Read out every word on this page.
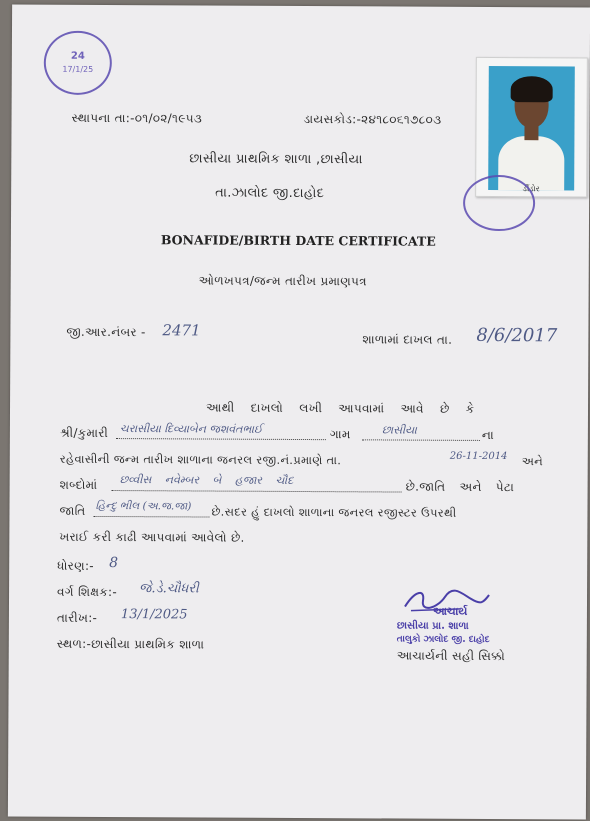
24
17/1/25
સ્થાપના તા:-૦૧/૦૨/૧૯૫૩	ડાયસકોડ:-૨૪૧૮૦૬૧૭૮૦૩
છાસીયા પ્રાથમિક શાળા ,છાસીયા
તા.ઝાલોદ જી.દાહોદ
BONAFIDE/BIRTH DATE CERTIFICATE
ઓળખપત્ર/જન્મ તારીખ પ્રમાણપત્ર
ડીંડોર
જી.આર.નંબર - 2471
શાળામાં દાખલ તા. 8/6/2017
આથી દાખલો લખી આપવામાં આવે છે કે
શ્રી/કુમારી ચરાસીયા દિવ્યાબેન જશવંતભાઈ	ગામ	છાસીયા	ના
રહેવાસીની જન્મ તારીખ શાળાના જનરલ રજી.નં.પ્રમાણે તા.	26-11-2014 અને
શબ્દોમાં છવ્વીસ નવેમ્બર બે હજાર ચૌદ	છે.જાતિ અને પેટા
જાતિ હિન્દુ ભીલ (અ.જ.જા) છે.સદર હું દાખલો શાળાના જનરલ રજીસ્ટર ઉપરથી
ખરાઈ કરી કાઢી આપવામાં આવેલો છે.
ધોરણ:- 8
વર્ગ શિક્ષક:- જે.ડે.ચૌધરી
તારીખ:- 13/1/2025
સ્થળ:-છાસીયા પ્રાથમિક શાળા
આચાર્ય
છાસીયા પ્રા. શાળા
તાલુકો ઝાલોદ જી. દાહોદ
આચાર્યની સહી સિક્કો
